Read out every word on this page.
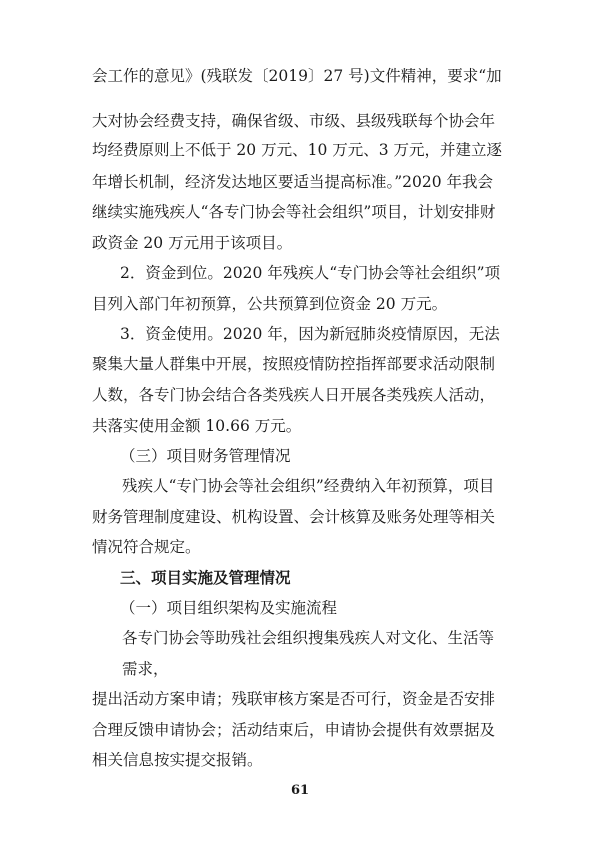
会工作的意见》(残联发〔2019〕27 号)文件精神，要求“加
大对协会经费支持，确保省级、市级、县级残联每个协会年
均经费原则上不低于 20 万元、10 万元、3 万元，并建立逐
年增长机制，经济发达地区要适当提高标准。”2020 年我会
继续实施残疾人“各专门协会等社会组织”项目，计划安排财
政资金 20 万元用于该项目。
2．资金到位。2020 年残疾人“专门协会等社会组织”项
目列入部门年初预算，公共预算到位资金 20 万元。
3．资金使用。2020 年，因为新冠肺炎疫情原因，无法
聚集大量人群集中开展，按照疫情防控指挥部要求活动限制
人数，各专门协会结合各类残疾人日开展各类残疾人活动，
共落实使用金额 10.66 万元。
（三）项目财务管理情况
残疾人“专门协会等社会组织”经费纳入年初预算，项目
财务管理制度建设、机构设置、会计核算及账务处理等相关
情况符合规定。
三、项目实施及管理情况
（一）项目组织架构及实施流程
各专门协会等助残社会组织搜集残疾人对文化、生活等
需求，
提出活动方案申请；残联审核方案是否可行，资金是否安排
合理反馈申请协会；活动结束后，申请协会提供有效票据及
相关信息按实提交报销。
61
